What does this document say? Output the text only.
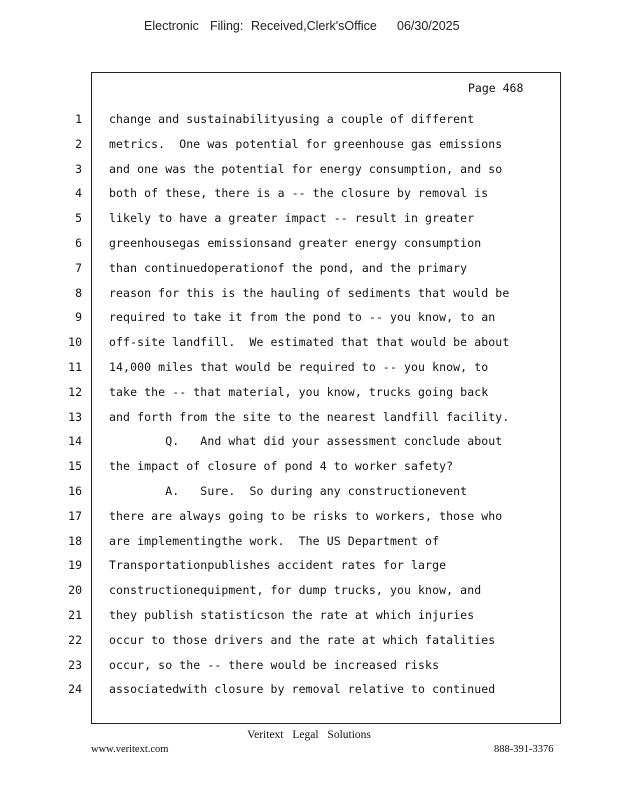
Electronic Filing: Received,Clerk'sOffice 06/30/2025
Page 468
1 change and sustainabilityusing a couple of different
2 metrics.  One was potential for greenhouse gas emissions
3 and one was the potential for energy consumption, and so
4 both of these, there is a -- the closure by removal is
5 likely to have a greater impact -- result in greater
6 greenhousegas emissionsand greater energy consumption
7 than continuedoperationof the pond, and the primary
8 reason for this is the hauling of sediments that would be
9 required to take it from the pond to -- you know, to an
10 off-site landfill.  We estimated that that would be about
11 14,000 miles that would be required to -- you know, to
12 take the -- that material, you know, trucks going back
13 and forth from the site to the nearest landfill facility.
14 Q.   And what did your assessment conclude about
15 the impact of closure of pond 4 to worker safety?
16 A.   Sure.  So during any constructionevent
17 there are always going to be risks to workers, those who
18 are implementingthe work.  The US Department of
19 Transportationpublishes accident rates for large
20 constructionequipment, for dump trucks, you know, and
21 they publish statisticson the rate at which injuries
22 occur to those drivers and the rate at which fatalities
23 occur, so the -- there would be increased risks
24 associatedwith closure by removal relative to continued
Veritext Legal Solutions
www.veritext.com	888-391-3376
